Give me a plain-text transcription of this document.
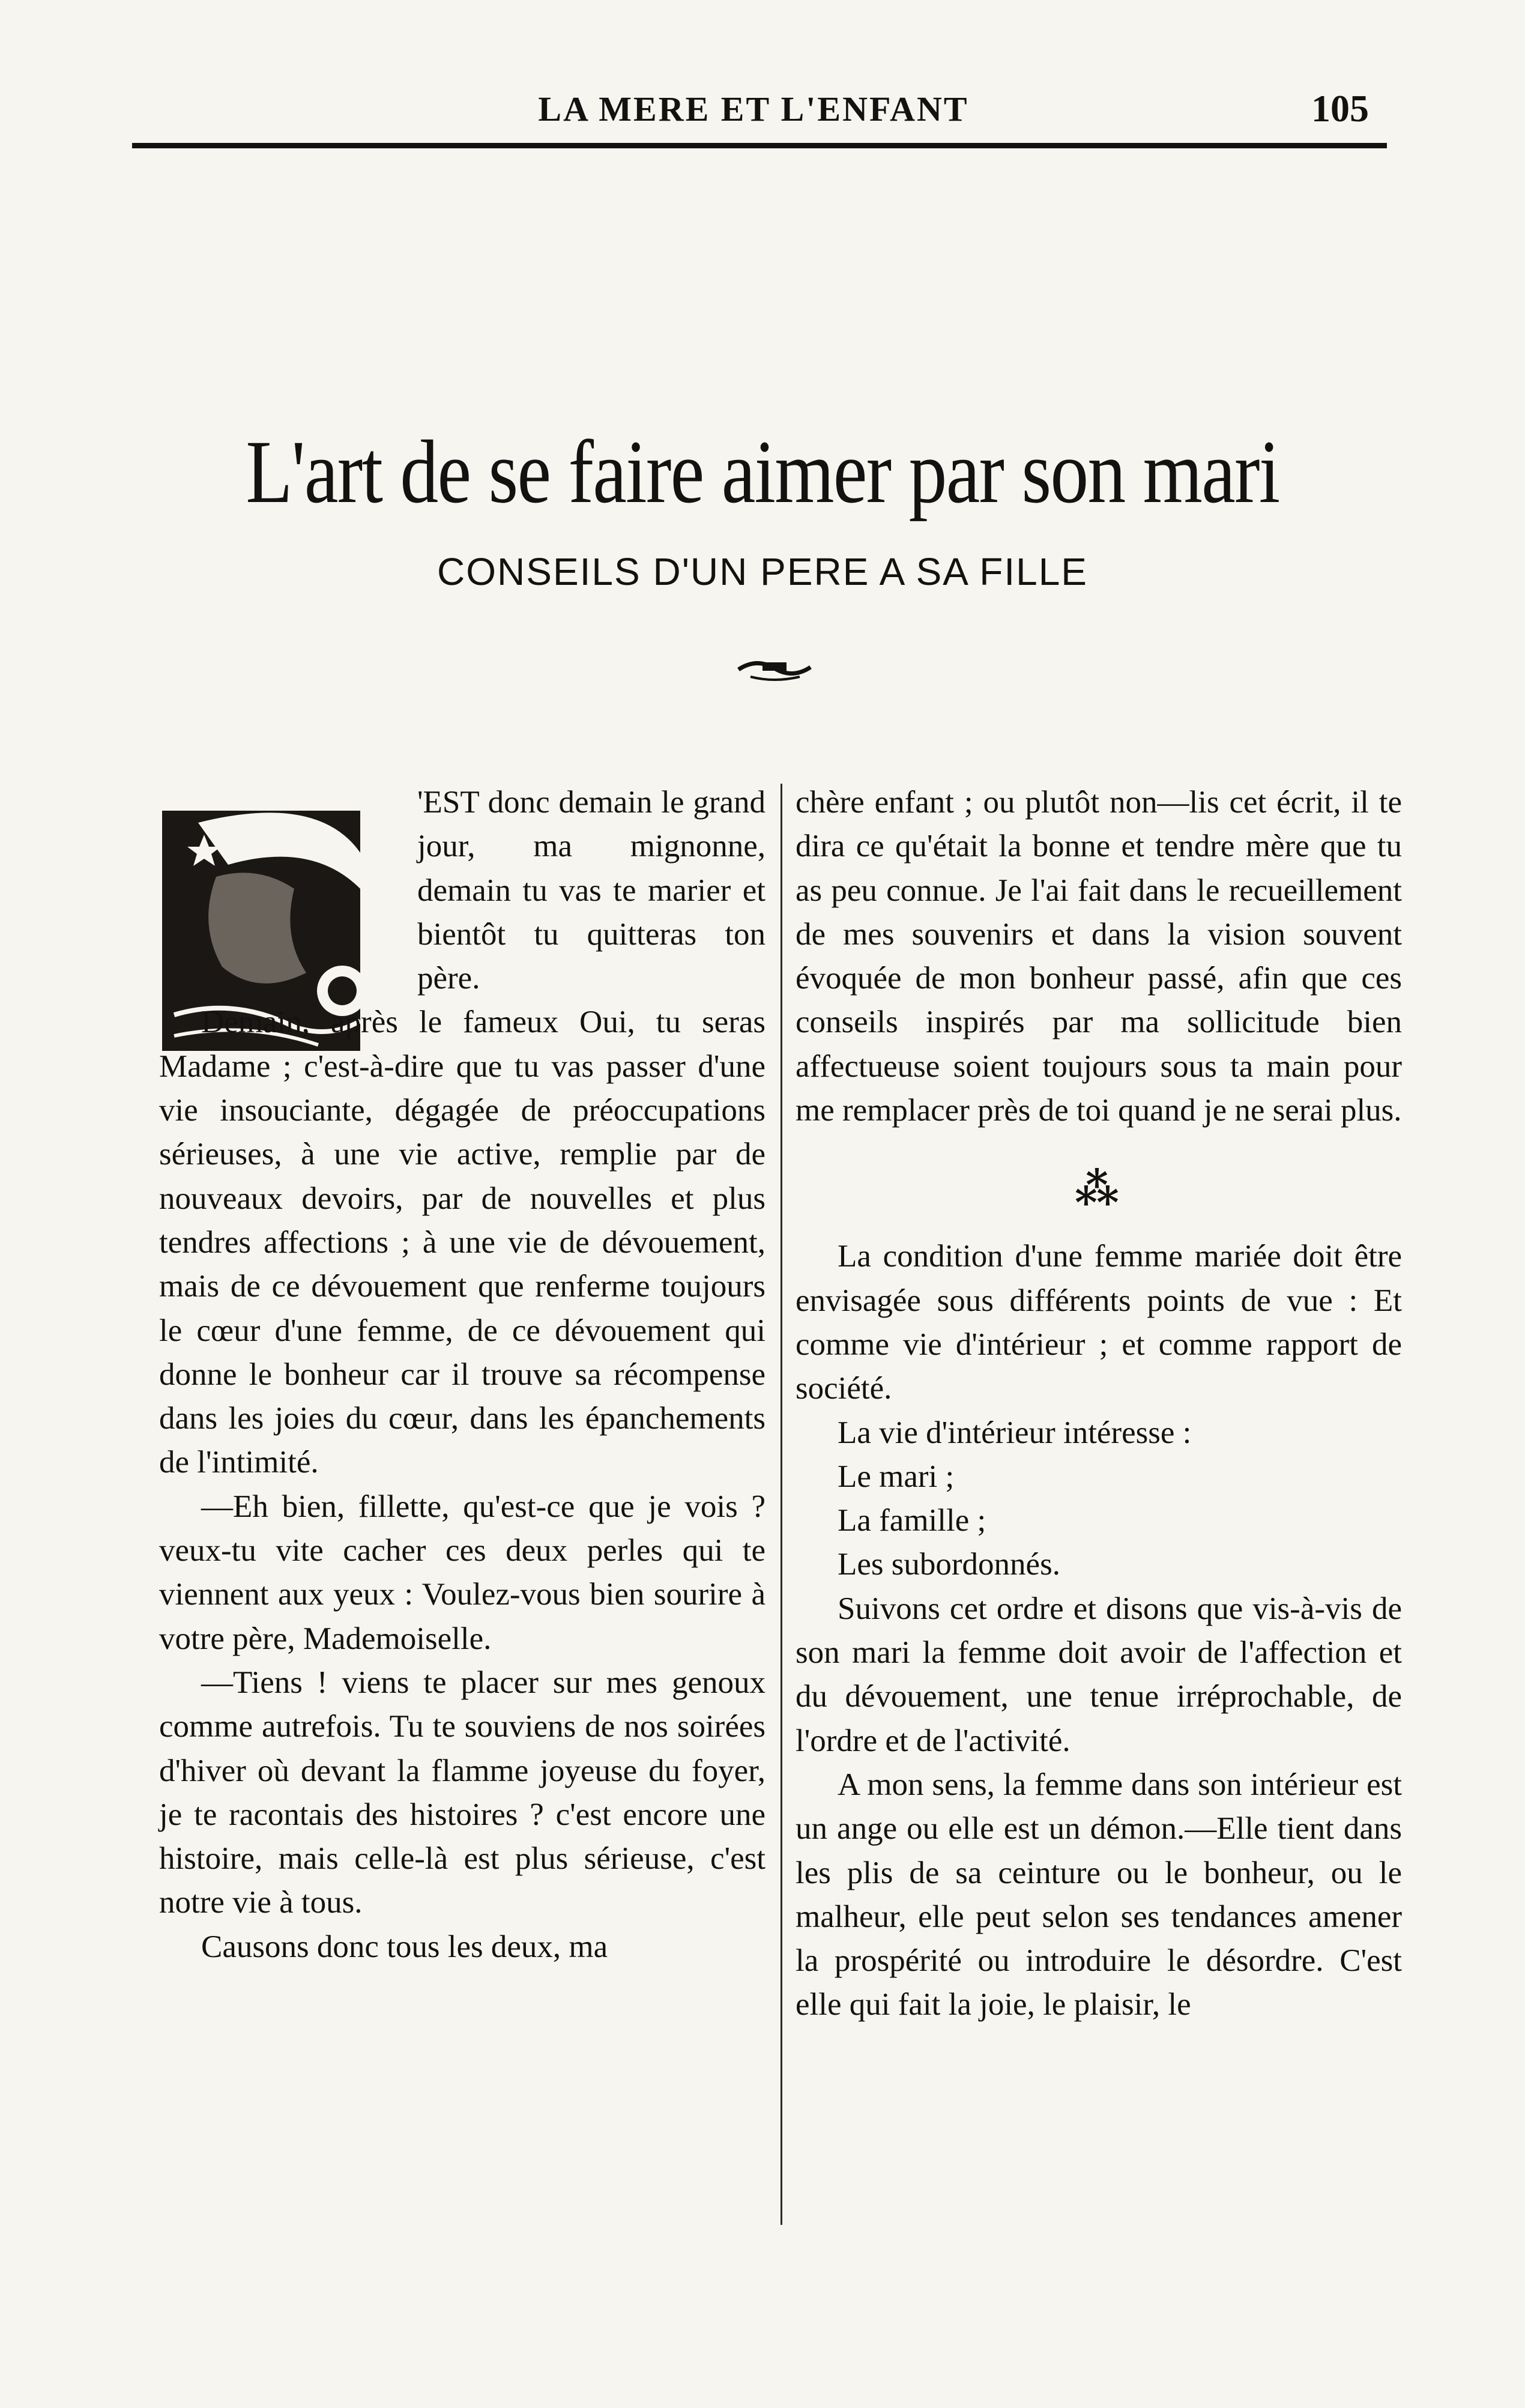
LA MERE ET L'ENFANT	105
L'art de se faire aimer par son mari
CONSEILS D'UN PERE A SA FILLE

'EST donc demain le grand jour, ma mignonne, demain tu vas te marier et bientôt tu quitteras ton père.

Demain, après le fameux Oui, tu seras Madame ; c'est-à-dire que tu vas passer d'une vie insouciante, dégagée de préoccupations sérieuses, à une vie active, remplie par de nouveaux devoirs, par de nouvelles et plus tendres affections ; à une vie de dévouement, mais de ce dévouement que renferme toujours le cœur d'une femme, de ce dévouement qui donne le bonheur car il trouve sa récompense dans les joies du cœur, dans les épanchements de l'intimité.

—Eh bien, fillette, qu'est-ce que je vois ? veux-tu vite cacher ces deux perles qui te viennent aux yeux : Voulez-vous bien sourire à votre père, Mademoiselle.

—Tiens ! viens te placer sur mes genoux comme autrefois. Tu te souviens de nos soirées d'hiver où devant la flamme joyeuse du foyer, je te racontais des histoires ? c'est encore une histoire, mais celle-là est plus sérieuse, c'est notre vie à tous.

Causons donc tous les deux, ma

chère enfant ; ou plutôt non—lis cet écrit, il te dira ce qu'était la bonne et tendre mère que tu as peu connue. Je l'ai fait dans le recueillement de mes souvenirs et dans la vision souvent évoquée de mon bonheur passé, afin que ces conseils inspirés par ma sollicitude bien affectueuse soient toujours sous ta main pour me remplacer près de toi quand je ne serai plus.

⁂

La condition d'une femme mariée doit être envisagée sous différents points de vue : Et comme vie d'intérieur ; et comme rapport de société.

La vie d'intérieur intéresse :

Le mari ;

La famille ;

Les subordonnés.

Suivons cet ordre et disons que vis-à-vis de son mari la femme doit avoir de l'affection et du dévouement, une tenue irréprochable, de l'ordre et de l'activité.

A mon sens, la femme dans son intérieur est un ange ou elle est un démon.—Elle tient dans les plis de sa ceinture ou le bonheur, ou le malheur, elle peut selon ses tendances amener la prospérité ou introduire le désordre. C'est elle qui fait la joie, le plaisir, le
